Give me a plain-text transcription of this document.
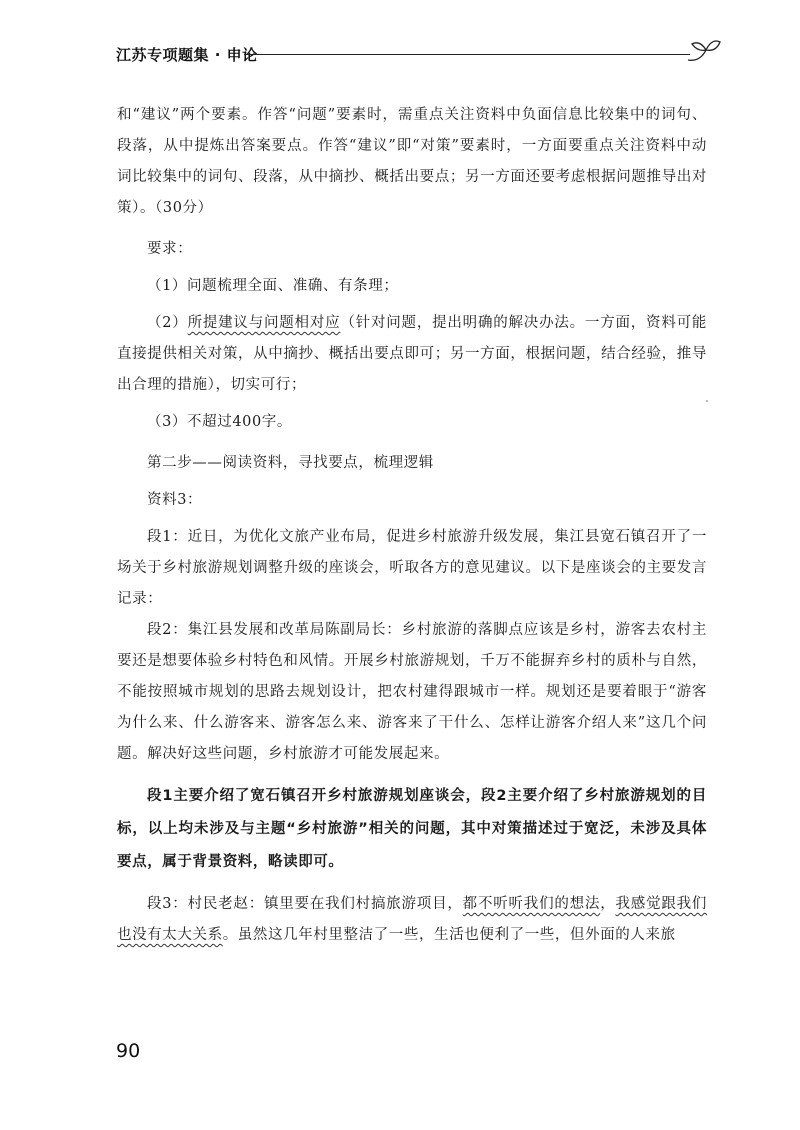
江苏专项题集 · 申论

和“建议”两个要素。作答“问题”要素时，需重点关注资料中负面信息比较集中的词句、段落，从中提炼出答案要点。作答“建议”即“对策”要素时，一方面要重点关注资料中动词比较集中的词句、段落，从中摘抄、概括出要点；另一方面还要考虑根据问题推导出对策）。（30分）

要求：

（1）问题梳理全面、准确、有条理；

（2）所提建议与问题相对应（针对问题，提出明确的解决办法。一方面，资料可能直接提供相关对策，从中摘抄、概括出要点即可；另一方面，根据问题，结合经验，推导出合理的措施），切实可行；

（3）不超过400字。

第二步——阅读资料，寻找要点，梳理逻辑

资料3：

段1：近日，为优化文旅产业布局，促进乡村旅游升级发展，集江县宽石镇召开了一场关于乡村旅游规划调整升级的座谈会，听取各方的意见建议。以下是座谈会的主要发言记录：

段2：集江县发展和改革局陈副局长：乡村旅游的落脚点应该是乡村，游客去农村主要还是想要体验乡村特色和风情。开展乡村旅游规划，千万不能摒弃乡村的质朴与自然，不能按照城市规划的思路去规划设计，把农村建得跟城市一样。规划还是要着眼于“游客为什么来、什么游客来、游客怎么来、游客来了干什么、怎样让游客介绍人来”这几个问题。解决好这些问题，乡村旅游才可能发展起来。

段1主要介绍了宽石镇召开乡村旅游规划座谈会，段2主要介绍了乡村旅游规划的目标，以上均未涉及与主题“乡村旅游”相关的问题，其中对策描述过于宽泛，未涉及具体要点，属于背景资料，略读即可。

段3：村民老赵：镇里要在我们村搞旅游项目，都不听听我们的想法，我感觉跟我们也没有太大关系。虽然这几年村里整洁了一些，生活也便利了一些，但外面的人来旅

90
